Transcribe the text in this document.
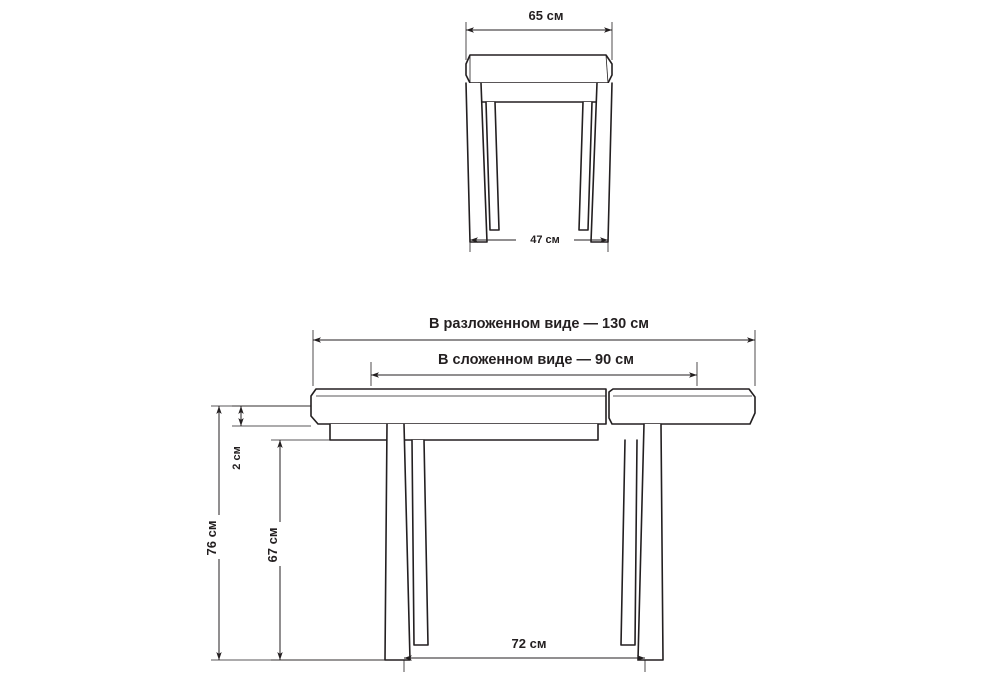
65 см
47 см
В разложенном виде — 130 см
В сложенном виде — 90 см
2 см
76 см	67 см
72 см
